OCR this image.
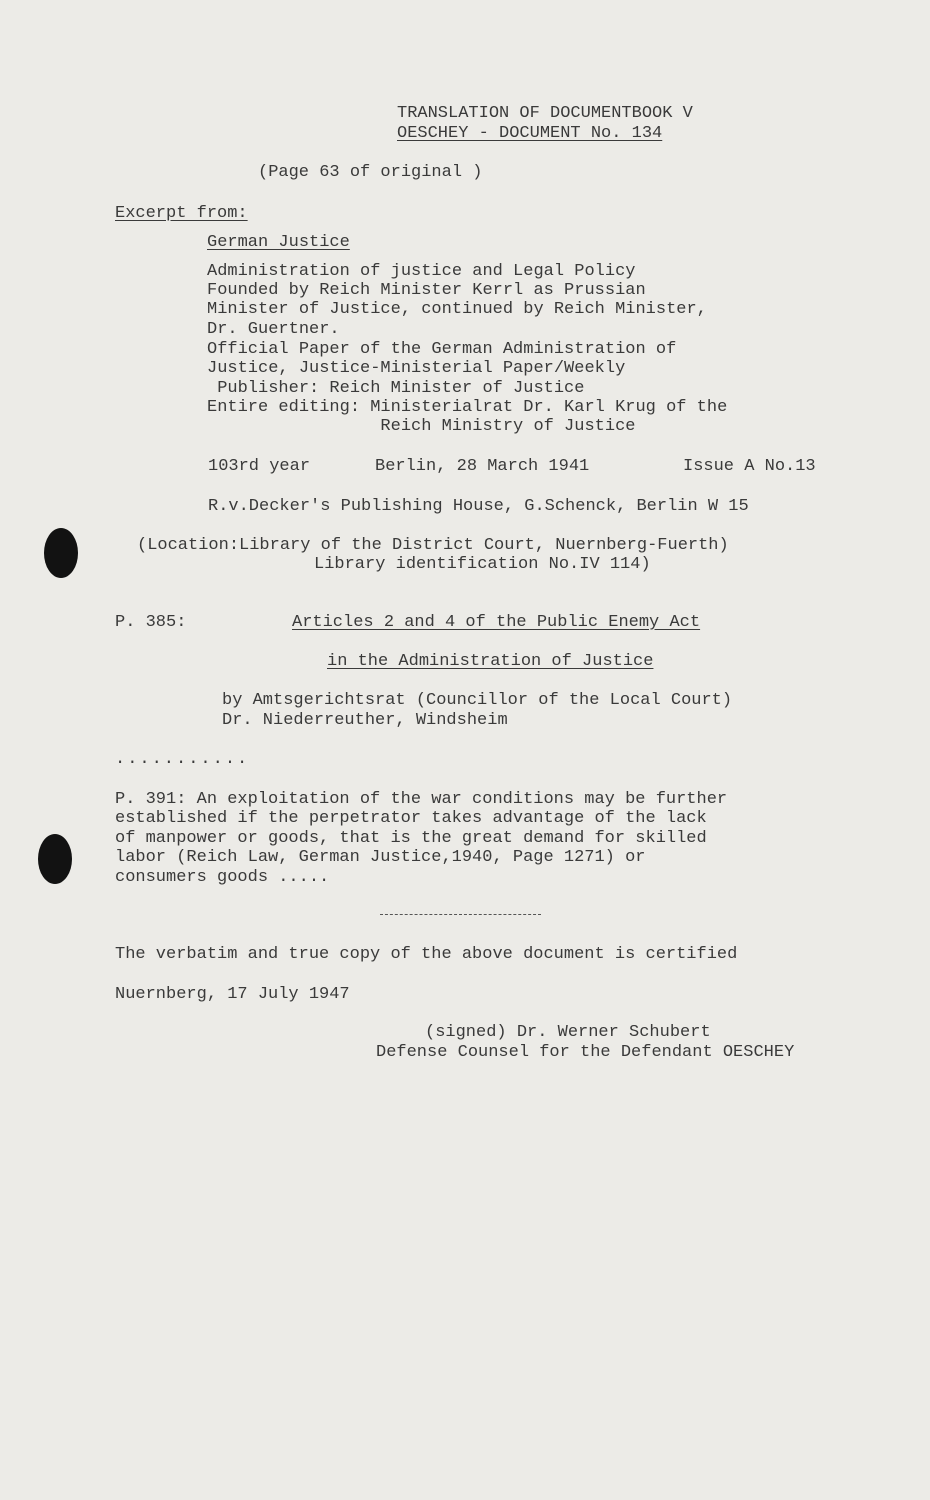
TRANSLATION OF DOCUMENTBOOK V
OESCHEY - DOCUMENT No. 134
(Page 63 of original )
Excerpt from:
German Justice
Administration of justice and Legal Policy
Founded by Reich Minister Kerrl as Prussian
Minister of Justice, continued by Reich Minister,
Dr. Guertner.
Official Paper of the German Administration of
Justice, Justice-Ministerial Paper/Weekly
Publisher: Reich Minister of Justice
Entire editing: Ministerialrat Dr. Karl Krug of the
Reich Ministry of Justice
103rd year	Berlin, 28 March 1941	Issue A No.13
R.v.Decker's Publishing House, G.Schenck, Berlin W 15
(Location:Library of the District Court, Nuernberg-Fuerth)
Library identification No.IV 114)
P. 385:	Articles 2 and 4 of the Public Enemy Act
in the Administration of Justice
by Amtsgerichtsrat (Councillor of the Local Court)
Dr. Niederreuther, Windsheim
...........
P. 391: An exploitation of the war conditions may be further
established if the perpetrator takes advantage of the lack
of manpower or goods, that is the great demand for skilled
labor (Reich Law, German Justice,1940, Page 1271) or
consumers goods .....
The verbatim and true copy of the above document is certified
Nuernberg, 17 July 1947
(signed) Dr. Werner Schubert
Defense Counsel for the Defendant OESCHEY
